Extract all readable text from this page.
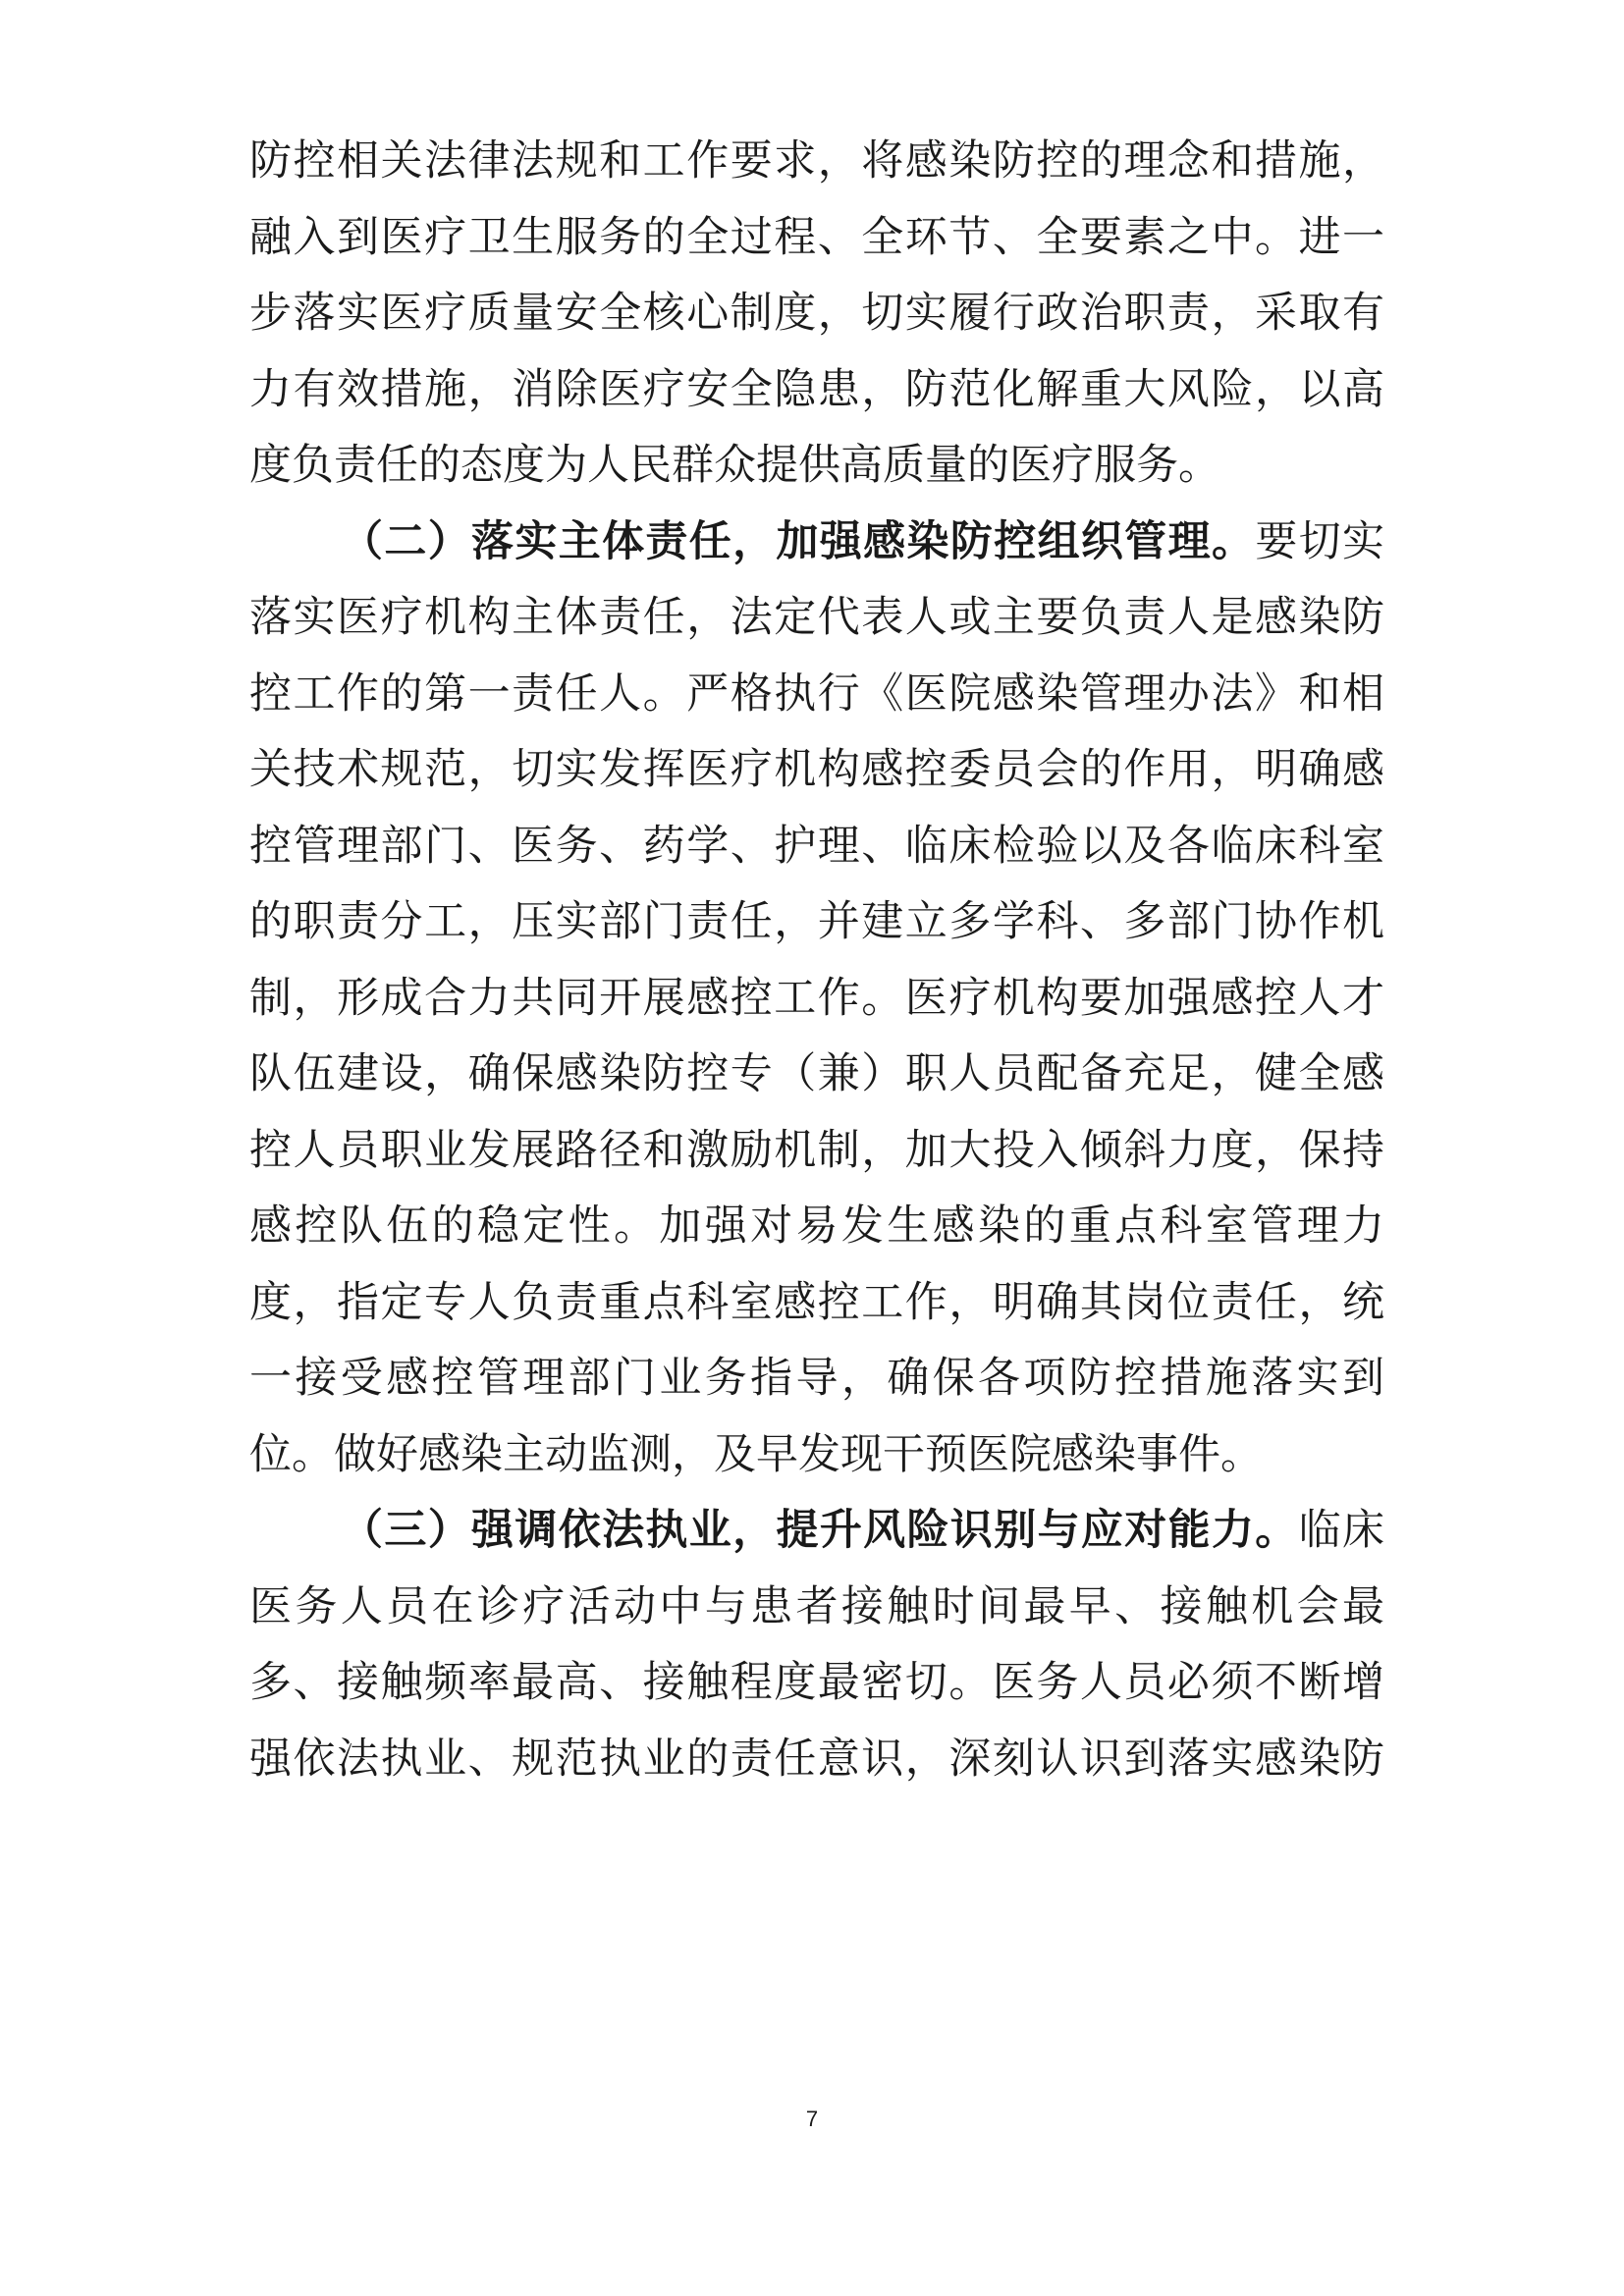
防控相关法律法规和工作要求，将感染防控的理念和措施，
融入到医疗卫生服务的全过程、全环节、全要素之中。进一
步落实医疗质量安全核心制度，切实履行政治职责，采取有
力有效措施，消除医疗安全隐患，防范化解重大风险，以高
度负责任的态度为人民群众提供高质量的医疗服务。
（二）落实主体责任，加强感染防控组织管理。要切实
落实医疗机构主体责任，法定代表人或主要负责人是感染防
控工作的第一责任人。严格执行《医院感染管理办法》和相
关技术规范，切实发挥医疗机构感控委员会的作用，明确感
控管理部门、医务、药学、护理、临床检验以及各临床科室
的职责分工，压实部门责任，并建立多学科、多部门协作机
制，形成合力共同开展感控工作。医疗机构要加强感控人才
队伍建设，确保感染防控专（兼）职人员配备充足，健全感
控人员职业发展路径和激励机制，加大投入倾斜力度，保持
感控队伍的稳定性。加强对易发生感染的重点科室管理力
度，指定专人负责重点科室感控工作，明确其岗位责任，统
一接受感控管理部门业务指导，确保各项防控措施落实到
位。做好感染主动监测，及早发现干预医院感染事件。
（三）强调依法执业，提升风险识别与应对能力。临床
医务人员在诊疗活动中与患者接触时间最早、接触机会最
多、接触频率最高、接触程度最密切。医务人员必须不断增
强依法执业、规范执业的责任意识，深刻认识到落实感染防
7
